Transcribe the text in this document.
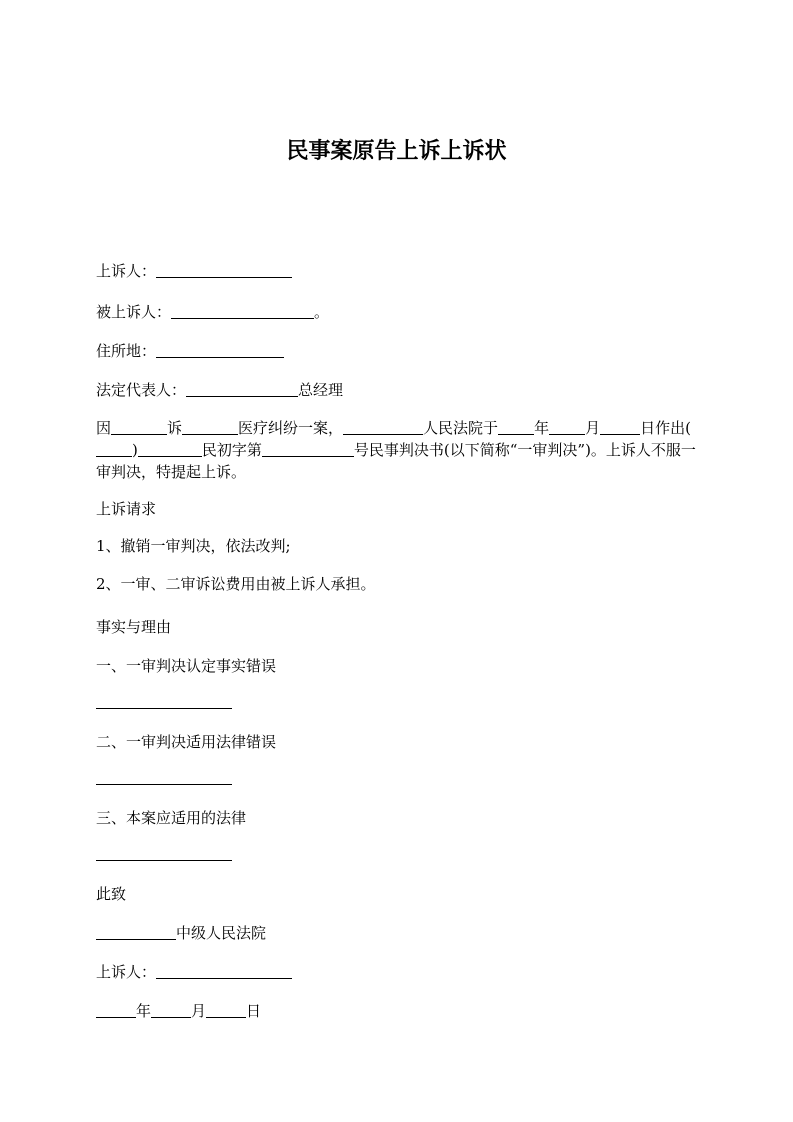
民事案原告上诉上诉状
上诉人：
被上诉人：	。
住所地：
法定代表人：	总经理
因	诉	医疗纠纷一案，	人民法院于 年 月	日作出()	民初字第	号民事判决书(以下简称“一审判决”)。上诉人不服一审判决，特提起上诉。
上诉请求
1、撤销一审判决，依法改判;
2、一审、二审诉讼费用由被上诉人承担。
事实与理由
一、一审判决认定事实错误
二、一审判决适用法律错误
三、本案应适用的法律
此致
中级人民法院
上诉人：
年	月	日
